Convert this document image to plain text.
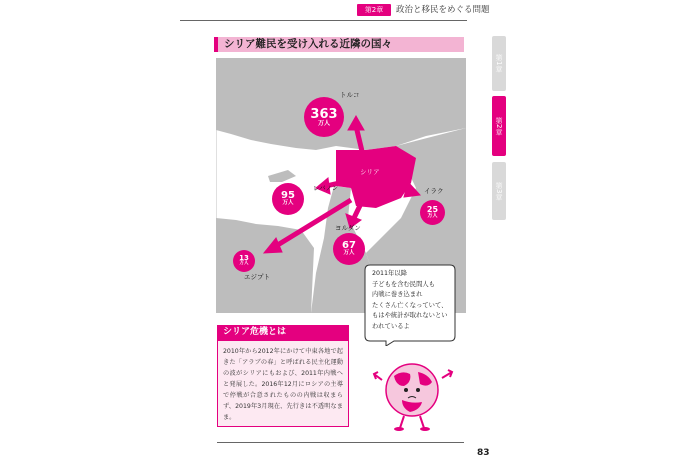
第2章	政治と移民をめぐる問題
シリア難民を受け入れる近隣の国々
トルコ
シリア
レバノン
ヨルダン
イラク
エジプト
363
万人
95
万人
67
万人
25
万人
13
万人
2011年以降
子どもを含む民間人も
内戦に巻き込まれ
たくさん亡くなっていて、
もはや統計が取れないとい
われているよ
シリア危機とは
2010年から2012年にかけて中東各地で起きた「アラブの春」と呼ばれる民主化運動の波がシリアにもおよび、2011年内戦へと発展した。2016年12月にロシアの主導で停戦が合意されたものの内戦は収まらず、2019年3月現在、先行きは不透明なまま。
第1章
第2章
第3章
83
